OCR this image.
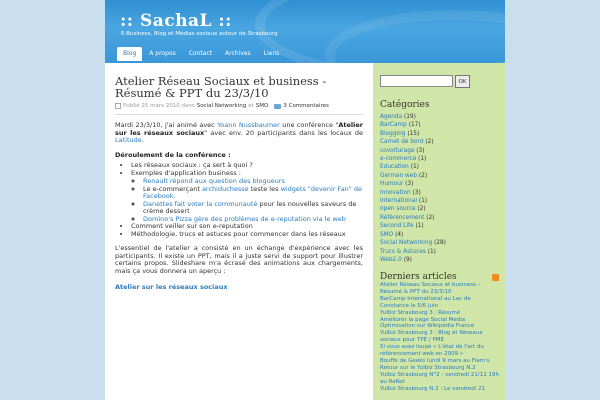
:: SachaL ::
E-Business, Blog et Médias sociaux autour de Strasbourg
Blog	A propos	Contact	Archives	Liens
Atelier Réseau Sociaux et business - Résumé & PPT du 23/3/10
Publié 25 mars 2010 dans Social Networking et SMO	3 Commentaires

Mardi 23/3/10, j'ai animé avec Yoann Nussbaumer une conférence "Atelier sur les réseaux sociaux" avec env. 20 participants dans les locaux de Latitude.

Déroulement de la conférence :

• Les réseaux sociaux : ça sert à quoi ?
• Exemples d'application business :
◦ Renault répond aux question des blogueurs
◦ Le e-commerçant archiduchesse teste les widgets "devenir Fan" de Facebook.
◦ Danettes fait voter la communauté pour les nouvelles saveurs de crème dessert
◦ Domino's Pizza gère des problèmes de e-reputation via le web
• Comment veiller sur son e-reputation
• Méthodologie, trucs et astuces pour commencer dans les réseaux

L'essentiel de l'atelier a consisté en un échange d'expérience avec les participants. Il existe un PPT, mais il a juste servi de support pour illustrer certains propos. Slideshare m'a écrasé des animations aux chargements, mais ça vous donnera un aperçu :

Atelier sur les réseaux sociaux
OK
Catégories
Agenda (19)
BarCamp (17)
Blogging (15)
Carnet de bord (2)
covoiturage (3)
e-commerce (1)
Education (1)
German web (2)
Humour (3)
Innovation (3)
International (1)
open source (2)
Référencement (2)
Second Life (1)
SMO (4)
Social Networking (28)
Trucs & Astuces (1)
Web2.0 (9)
Derniers articles
Atelier Réseau Sociaux et business - Résumé & PPT du 23/3/10
BarCamp International au Lac de Constance le 5/6 juin
Yulbiz Strasbourg 3 : Résumé
Améliorer la page Social Media Optimisation sur Wikipédia France
Yulbiz Strasbourg 3 : Blog et Réseaux sociaux pour TPE / PME
Si vous avez loupé « L'état de l'art du référencement web en 2009 »
Bouffe de Geeks lundi 9 mars au Flam's
Retour sur le Yulbiz Strasbourg N.2
Yulbiz Strasbourg N°2 : vendredi 21/11 19h au RaRot
Yulbiz Strasbourg N.2 : Le vendredi 21
